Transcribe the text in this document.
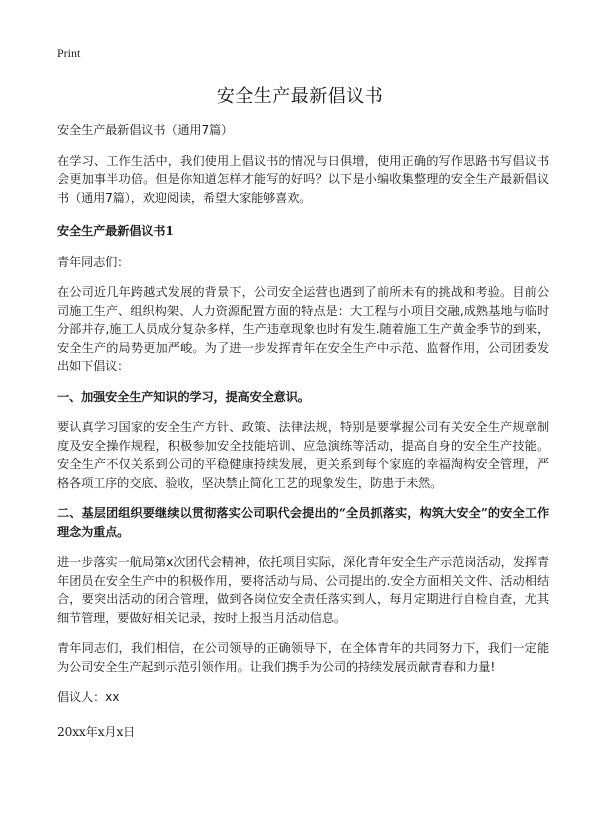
Print
安全生产最新倡议书

安全生产最新倡议书（通用7篇）

在学习、工作生活中，我们使用上倡议书的情况与日俱增，使用正确的写作思路书写倡议书会更加事半功倍。但是你知道怎样才能写的好吗？以下是小编收集整理的安全生产最新倡议书（通用7篇），欢迎阅读，希望大家能够喜欢。

安全生产最新倡议书1

青年同志们：

在公司近几年跨越式发展的背景下，公司安全运营也遇到了前所未有的挑战和考验。目前公司施工生产、组织构架、人力资源配置方面的特点是：大工程与小项目交融,成熟基地与临时分部并存,施工人员成分复杂多样，生产违章现象也时有发生.随着施工生产黄金季节的到来，安全生产的局势更加严峻。为了进一步发挥青年在安全生产中示范、监督作用，公司团委发出如下倡议：

一、加强安全生产知识的学习，提高安全意识。

要认真学习国家的安全生产方针、政策、法律法规，特别是要掌握公司有关安全生产规章制度及安全操作规程，积极参加安全技能培训、应急演练等活动，提高自身的安全生产技能。安全生产不仅关系到公司的平稳健康持续发展，更关系到每个家庭的幸福淘构安全管理，严格各项工序的交底、验收，坚决禁止简化工艺的现象发生，防患于未然。

二、基层团组织要继续以贯彻落实公司职代会提出的“全员抓落实，构筑大安全”的安全工作理念为重点。

进一步落实一航局第x次团代会精神，依托项目实际，深化青年安全生产示范岗活动，发挥青年团员在安全生产中的积极作用，要将活动与局、公司提出的.安全方面相关文件、活动相结合，要突出活动的闭合管理，做到各岗位安全责任落实到人，每月定期进行自检自查，尤其细节管理，要做好相关记录，按时上报当月活动信息。

青年同志们，我们相信，在公司领导的正确领导下，在全体青年的共同努力下，我们一定能为公司安全生产起到示范引领作用。让我们携手为公司的持续发展贡献青春和力量!

倡议人：xx

20xx年x月x日
